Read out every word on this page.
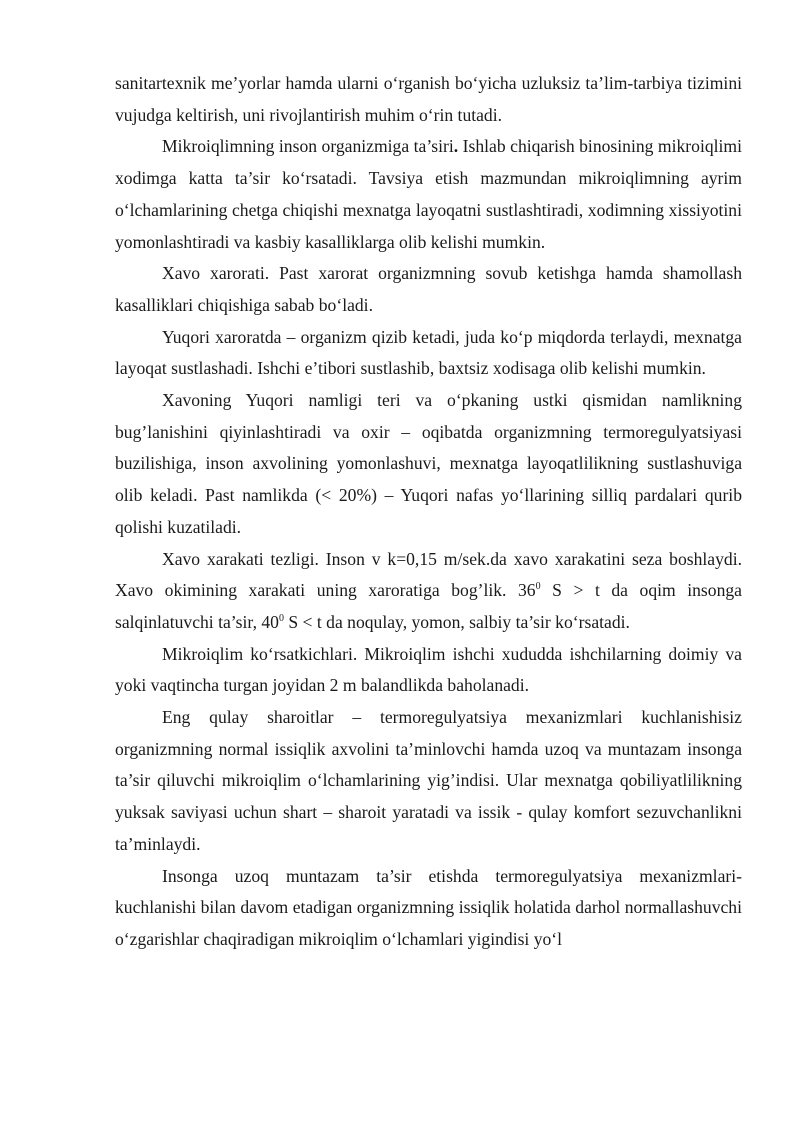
sanitartexnik me’yorlar hamda ularni o‘rganish bo‘yicha uzluksiz ta’lim-tarbiya tizimini vujudga keltirish, uni rivojlantirish muhim o‘rin tutadi.

Mikroiqlimning inson organizmiga ta’siri. Ishlab chiqarish binosining mikroiqlimi xodimga katta ta’sir ko‘rsatadi. Tavsiya etish mazmundan mikroiqlimning ayrim o‘lchamlarining chetga chiqishi mexnatga layoqatni sustlashtiradi, xodimning xissiyotini yomonlashtiradi va kasbiy kasalliklarga olib kelishi mumkin.

Xavo xarorati. Past xarorat organizmning sovub ketishga hamda shamollash kasalliklari chiqishiga sabab bo‘ladi.

Yuqori xaroratda – organizm qizib ketadi, juda ko‘p miqdorda terlaydi, mexnatga layoqat sustlashadi. Ishchi e’tibori sustlashib, baxtsiz xodisaga olib kelishi mumkin.

Xavoning Yuqori namligi teri va o‘pkaning ustki qismidan namlikning bug’lanishini qiyinlashtiradi va oxir – oqibatda organizmning termoregulyatsiyasi buzilishiga, inson axvolining yomonlashuvi, mexnatga layoqatlilikning sustlashuviga olib keladi. Past namlikda (< 20%) – Yuqori nafas yo‘llarining silliq pardalari qurib qolishi kuzatiladi.

Xavo xarakati tezligi. Inson v k=0,15 m/sek.da xavo xarakatini seza boshlaydi. Xavo okimining xarakati uning xaroratiga bog’lik. $36^0$ S > t da oqim insonga salqinlatuvchi ta’sir, $40^0$ S < t da noqulay, yomon, salbiy ta’sir ko‘rsatadi.

Mikroiqlim ko‘rsatkichlari. Mikroiqlim ishchi xududda ishchilarning doimiy va yoki vaqtincha turgan joyidan 2 m balandlikda baholanadi.

Eng qulay sharoitlar – termoregulyatsiya mexanizmlari kuchlanishisiz organizmning normal issiqlik axvolini ta’minlovchi hamda uzoq va muntazam insonga ta’sir qiluvchi mikroiqlim o‘lchamlarining yig’indisi. Ular mexnatga qobiliyatlilikning yuksak saviyasi uchun shart – sharoit yaratadi va issik - qulay komfort sezuvchanlikni ta’minlaydi.

Insonga uzoq muntazam ta’sir etishda termoregulyatsiya mexanizmlari-kuchlanishi bilan davom etadigan organizmning issiqlik holatida darhol normallashuvchi o‘zgarishlar chaqiradigan mikroiqlim o‘lchamlari yigindisi yo‘l
